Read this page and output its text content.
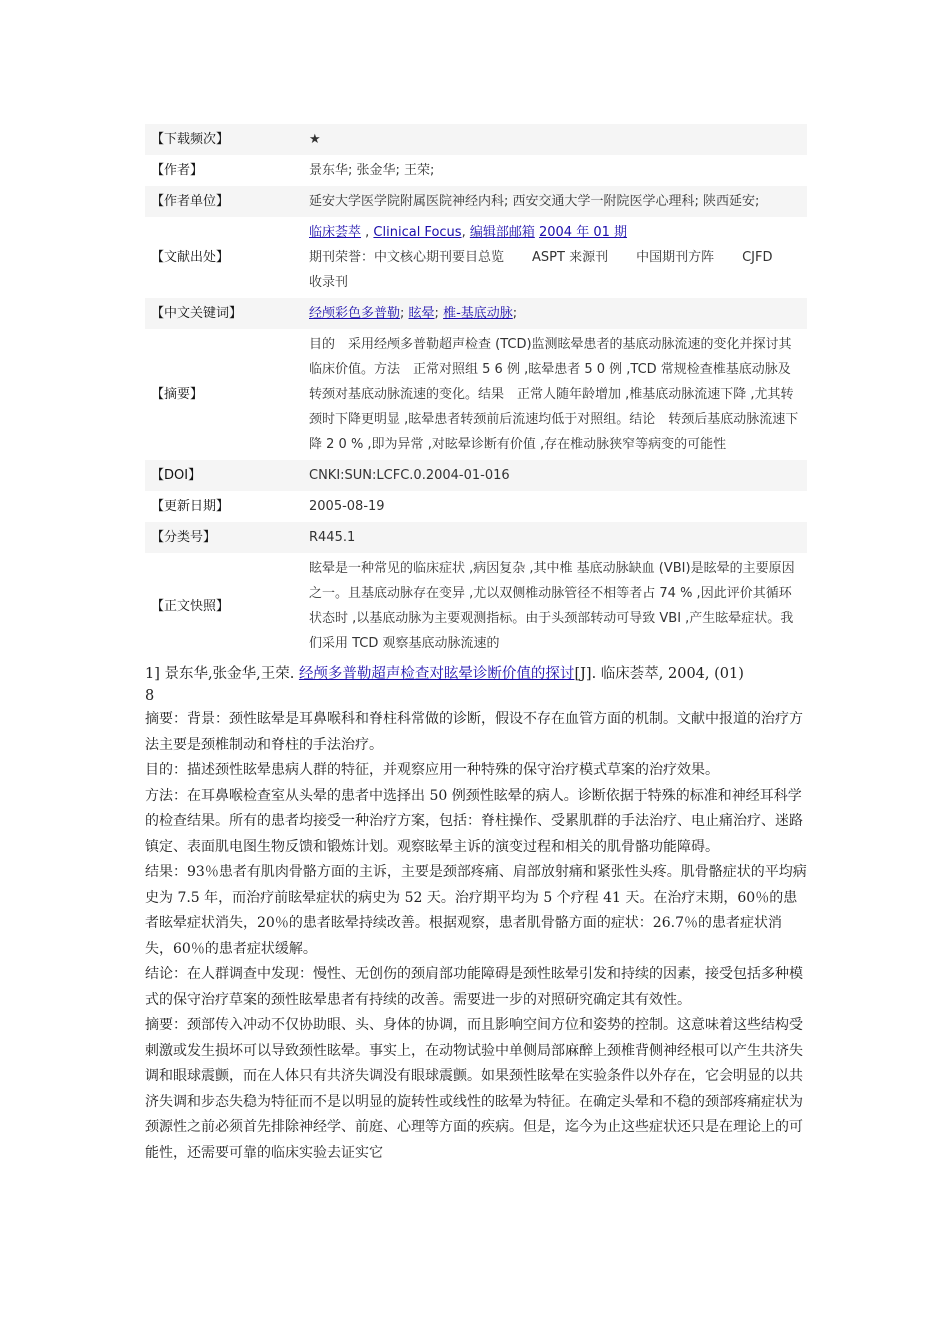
【下载频次】	★
【作者】	景东华; 张金华; 王荣;
【作者单位】	延安大学医学院附属医院神经内科; 西安交通大学一附院医学心理科; 陕西延安;
【文献出处】	临床荟萃 , Clinical Focus, 编辑部邮箱 2004 年 01 期
期刊荣誉：中文核心期刊要目总览 ASPT 来源刊 中国期刊方阵 CJFD
收录刊

【中文关键词】	经颅彩色多普勒; 眩晕; 椎-基底动脉;
【摘要】	目的　采用经颅多普勒超声检查 (TCD)监测眩晕患者的基底动脉流速的变化并探讨其临床价值。方法　正常对照组 5 6 例 ,眩晕患者 5 0 例 ,TCD 常规检查椎基底动脉及转颈对基底动脉流速的变化。结果　正常人随年龄增加 ,椎基底动脉流速下降 ,尤其转颈时下降更明显 ,眩晕患者转颈前后流速均低于对照组。结论　转颈后基底动脉流速下降 2 0 % ,即为异常 ,对眩晕诊断有价值 ,存在椎动脉狭窄等病变的可能性
【DOI】	CNKI:SUN:LCFC.0.2004-01-016
【更新日期】	2005-08-19
【分类号】	R445.1
【正文快照】	眩晕是一种常见的临床症状 ,病因复杂 ,其中椎 基底动脉缺血 (VBI)是眩晕的主要原因之一。且基底动脉存在变异 ,尤以双侧椎动脉管径不相等者占 74 % ,因此评价其循环状态时 ,以基底动脉为主要观测指标。由于头颈部转动可导致 VBI ,产生眩晕症状。我们采用 TCD 观察基底动脉流速的
1] 景东华,张金华,王荣. 经颅多普勒超声检查对眩晕诊断价值的探讨[J]. 临床荟萃, 2004, (01)
8

摘要：背景：颈性眩晕是耳鼻喉科和脊柱科常做的诊断，假设不存在血管方面的机制。文献中报道的治疗方法主要是颈椎制动和脊柱的手法治疗。

目的：描述颈性眩晕患病人群的特征，并观察应用一种特殊的保守治疗模式草案的治疗效果。

方法：在耳鼻喉检查室从头晕的患者中选择出 50 例颈性眩晕的病人。诊断依据于特殊的标准和神经耳科学的检查结果。所有的患者均接受一种治疗方案，包括：脊柱操作、受累肌群的手法治疗、电止痛治疗、迷路镇定、表面肌电图生物反馈和锻炼计划。观察眩晕主诉的演变过程和相关的肌骨骼功能障碍。

结果：93％患者有肌肉骨骼方面的主诉，主要是颈部疼痛、肩部放射痛和紧张性头疼。肌骨骼症状的平均病史为 7.5 年，而治疗前眩晕症状的病史为 52 天。治疗期平均为 5 个疗程 41 天。在治疗末期，60％的患者眩晕症状消失，20％的患者眩晕持续改善。根据观察，患者肌骨骼方面的症状：26.7％的患者症状消失，60％的患者症状缓解。

结论：在人群调查中发现：慢性、无创伤的颈肩部功能障碍是颈性眩晕引发和持续的因素，接受包括多种模式的保守治疗草案的颈性眩晕患者有持续的改善。需要进一步的对照研究确定其有效性。

摘要：颈部传入冲动不仅协助眼、头、身体的协调，而且影响空间方位和姿势的控制。这意味着这些结构受刺激或发生损坏可以导致颈性眩晕。事实上，在动物试验中单侧局部麻醉上颈椎背侧神经根可以产生共济失调和眼球震颤，而在人体只有共济失调没有眼球震颤。如果颈性眩晕在实验条件以外存在，它会明显的以共济失调和步态失稳为特征而不是以明显的旋转性或线性的眩晕为特征。在确定头晕和不稳的颈部疼痛症状为颈源性之前必须首先排除神经学、前庭、心理等方面的疾病。但是，迄今为止这些症状还只是在理论上的可能性，还需要可靠的临床实验去证实它
